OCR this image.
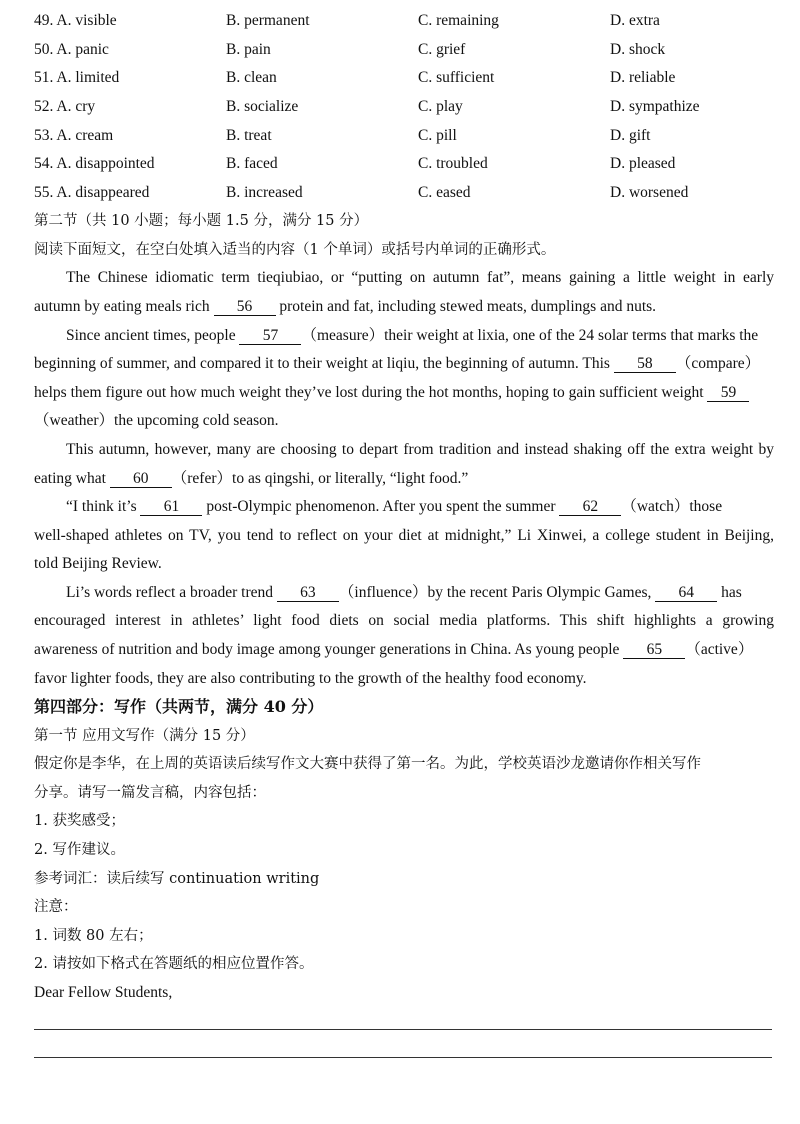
49. A. visible	B. permanent	C. remaining	D. extra
50. A. panic	B. pain	C. grief	D. shock
51. A. limited	B. clean	C. sufficient	D. reliable
52. A. cry	B. socialize	C. play	D. sympathize
53. A. cream	B. treat	C. pill	D. gift
54. A. disappointed	B. faced	C. troubled	D. pleased
55. A. disappeared	B. increased	C. eased	D. worsened
第二节（共 10 小题；每小题 1.5 分，满分 15 分）
阅读下面短文，在空白处填入适当的内容（1 个单词）或括号内单词的正确形式。
The Chinese idiomatic term tieqiubiao, or “putting on autumn fat”, means gaining a little weight in early
autumn by eating meals rich 56 protein and fat, including stewed meats, dumplings and nuts.
Since ancient times, people 57 （measure）their weight at lixia, one of the 24 solar terms that marks the
beginning of summer, and compared it to their weight at liqiu, the beginning of autumn. This 58 （compare）
helps them figure out how much weight they’ve lost during the hot months, hoping to gain sufficient weight 59
（weather）the upcoming cold season.
This autumn, however, many are choosing to depart from tradition and instead shaking off the extra weight by
eating what 60 （refer）to as qingshi, or literally, “light food.”
“I think it’s 61 post-Olympic phenomenon. After you spent the summer 62 （watch）those
well-shaped athletes on TV, you tend to reflect on your diet at midnight,” Li Xinwei, a college student in Beijing,
told Beijing Review.
Li’s words reflect a broader trend 63 （influence）by the recent Paris Olympic Games, 64 has
encouraged interest in athletes’ light food diets on social media platforms. This shift highlights a growing
awareness of nutrition and body image among younger generations in China. As young people 65 （active）
favor lighter foods, they are also contributing to the growth of the healthy food economy.
第四部分：写作（共两节，满分 40 分）
第一节 应用文写作（满分 15 分）
假定你是李华，在上周的英语读后续写作文大赛中获得了第一名。为此，学校英语沙龙邀请你作相关写作
分享。请写一篇发言稿，内容包括：
1. 获奖感受；
2. 写作建议。
参考词汇：读后续写 continuation writing
注意：
1. 词数 80 左右；
2. 请按如下格式在答题纸的相应位置作答。
Dear Fellow Students,
